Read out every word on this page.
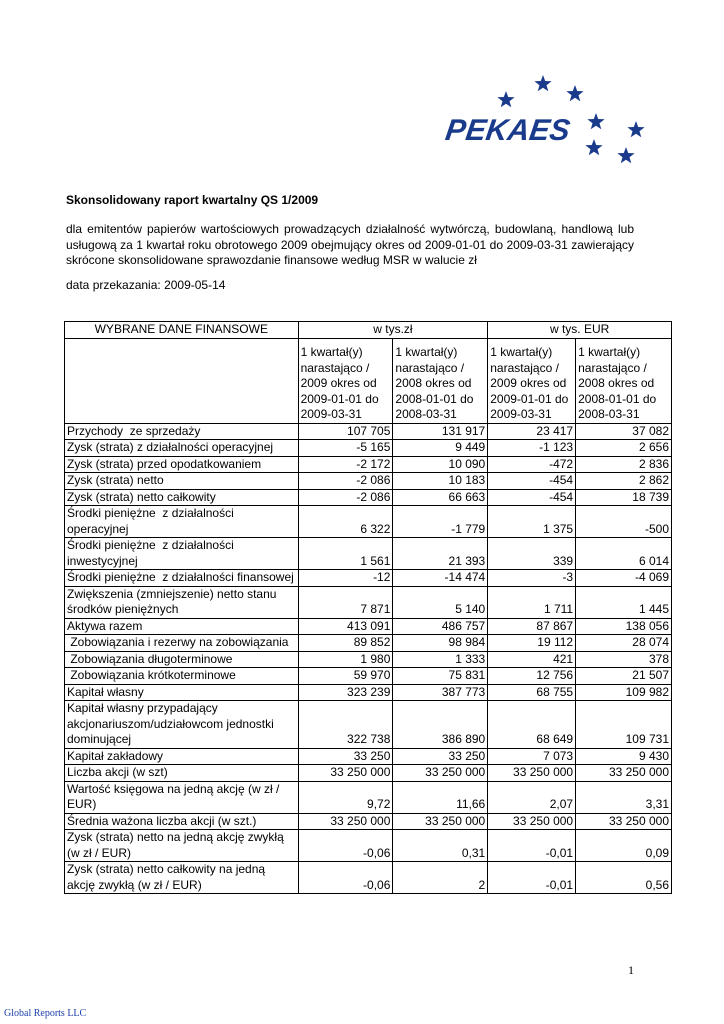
PEKAES
Skonsolidowany raport kwartalny QS 1/2009
dla emitentów papierów wartościowych prowadzących działalność wytwórczą, budowlaną, handlową lub usługową za 1 kwartał roku obrotowego 2009 obejmujący okres od 2009-01-01 do 2009-03-31 zawierający skrócone skonsolidowane sprawozdanie finansowe według MSR w walucie zł
data przekazania: 2009-05-14
WYBRANE DANE FINANSOWE	w tys.zł		w tys. EUR	
	1 kwartał(y) narastająco / 2009 okres od 2009-01-01 do 2009-03-31	1 kwartał(y) narastająco / 2008 okres od 2008-01-01 do 2008-03-31	1 kwartał(y) narastająco / 2009 okres od 2009-01-01 do 2009-03-31	1 kwartał(y) narastająco / 2008 okres od 2008-01-01 do 2008-03-31
Przychody  ze sprzedaży	107 705	131 917	23 417	37 082
Zysk (strata) z działalności operacyjnej	-5 165	9 449	-1 123	2 656
Zysk (strata) przed opodatkowaniem	-2 172	10 090	-472	2 836
Zysk (strata) netto	-2 086	10 183	-454	2 862
Zysk (strata) netto całkowity	-2 086	66 663	-454	18 739
Środki pieniężne  z działalności operacyjnej	6 322	-1 779	1 375	-500
Środki pieniężne  z działalności inwestycyjnej	1 561	21 393	339	6 014
Środki pieniężne  z działalności finansowej	-12	-14 474	-3	-4 069
Zwiększenia (zmniejszenie) netto stanu środków pieniężnych	7 871	5 140	1 711	1 445
Aktywa razem	413 091	486 757	87 867	138 056
Zobowiązania i rezerwy na zobowiązania	89 852	98 984	19 112	28 074
Zobowiązania długoterminowe	1 980	1 333	421	378
Zobowiązania krótkoterminowe	59 970	75 831	12 756	21 507
Kapitał własny	323 239	387 773	68 755	109 982
Kapitał własny przypadający akcjonariuszom/udziałowcom jednostki dominującej	322 738	386 890	68 649	109 731
Kapitał zakładowy	33 250	33 250	7 073	9 430
Liczba akcji (w szt)	33 250 000	33 250 000	33 250 000	33 250 000
Wartość księgowa na jedną akcję (w zł / EUR)	9,72	11,66	2,07	3,31
Średnia ważona liczba akcji (w szt.)	33 250 000	33 250 000	33 250 000	33 250 000
Zysk (strata) netto na jedną akcję zwykłą (w zł / EUR)	-0,06	0,31	-0,01	0,09
Zysk (strata) netto całkowity na jedną akcję zwykłą (w zł / EUR)	-0,06	2	-0,01	0,56
1
Global Reports LLC
